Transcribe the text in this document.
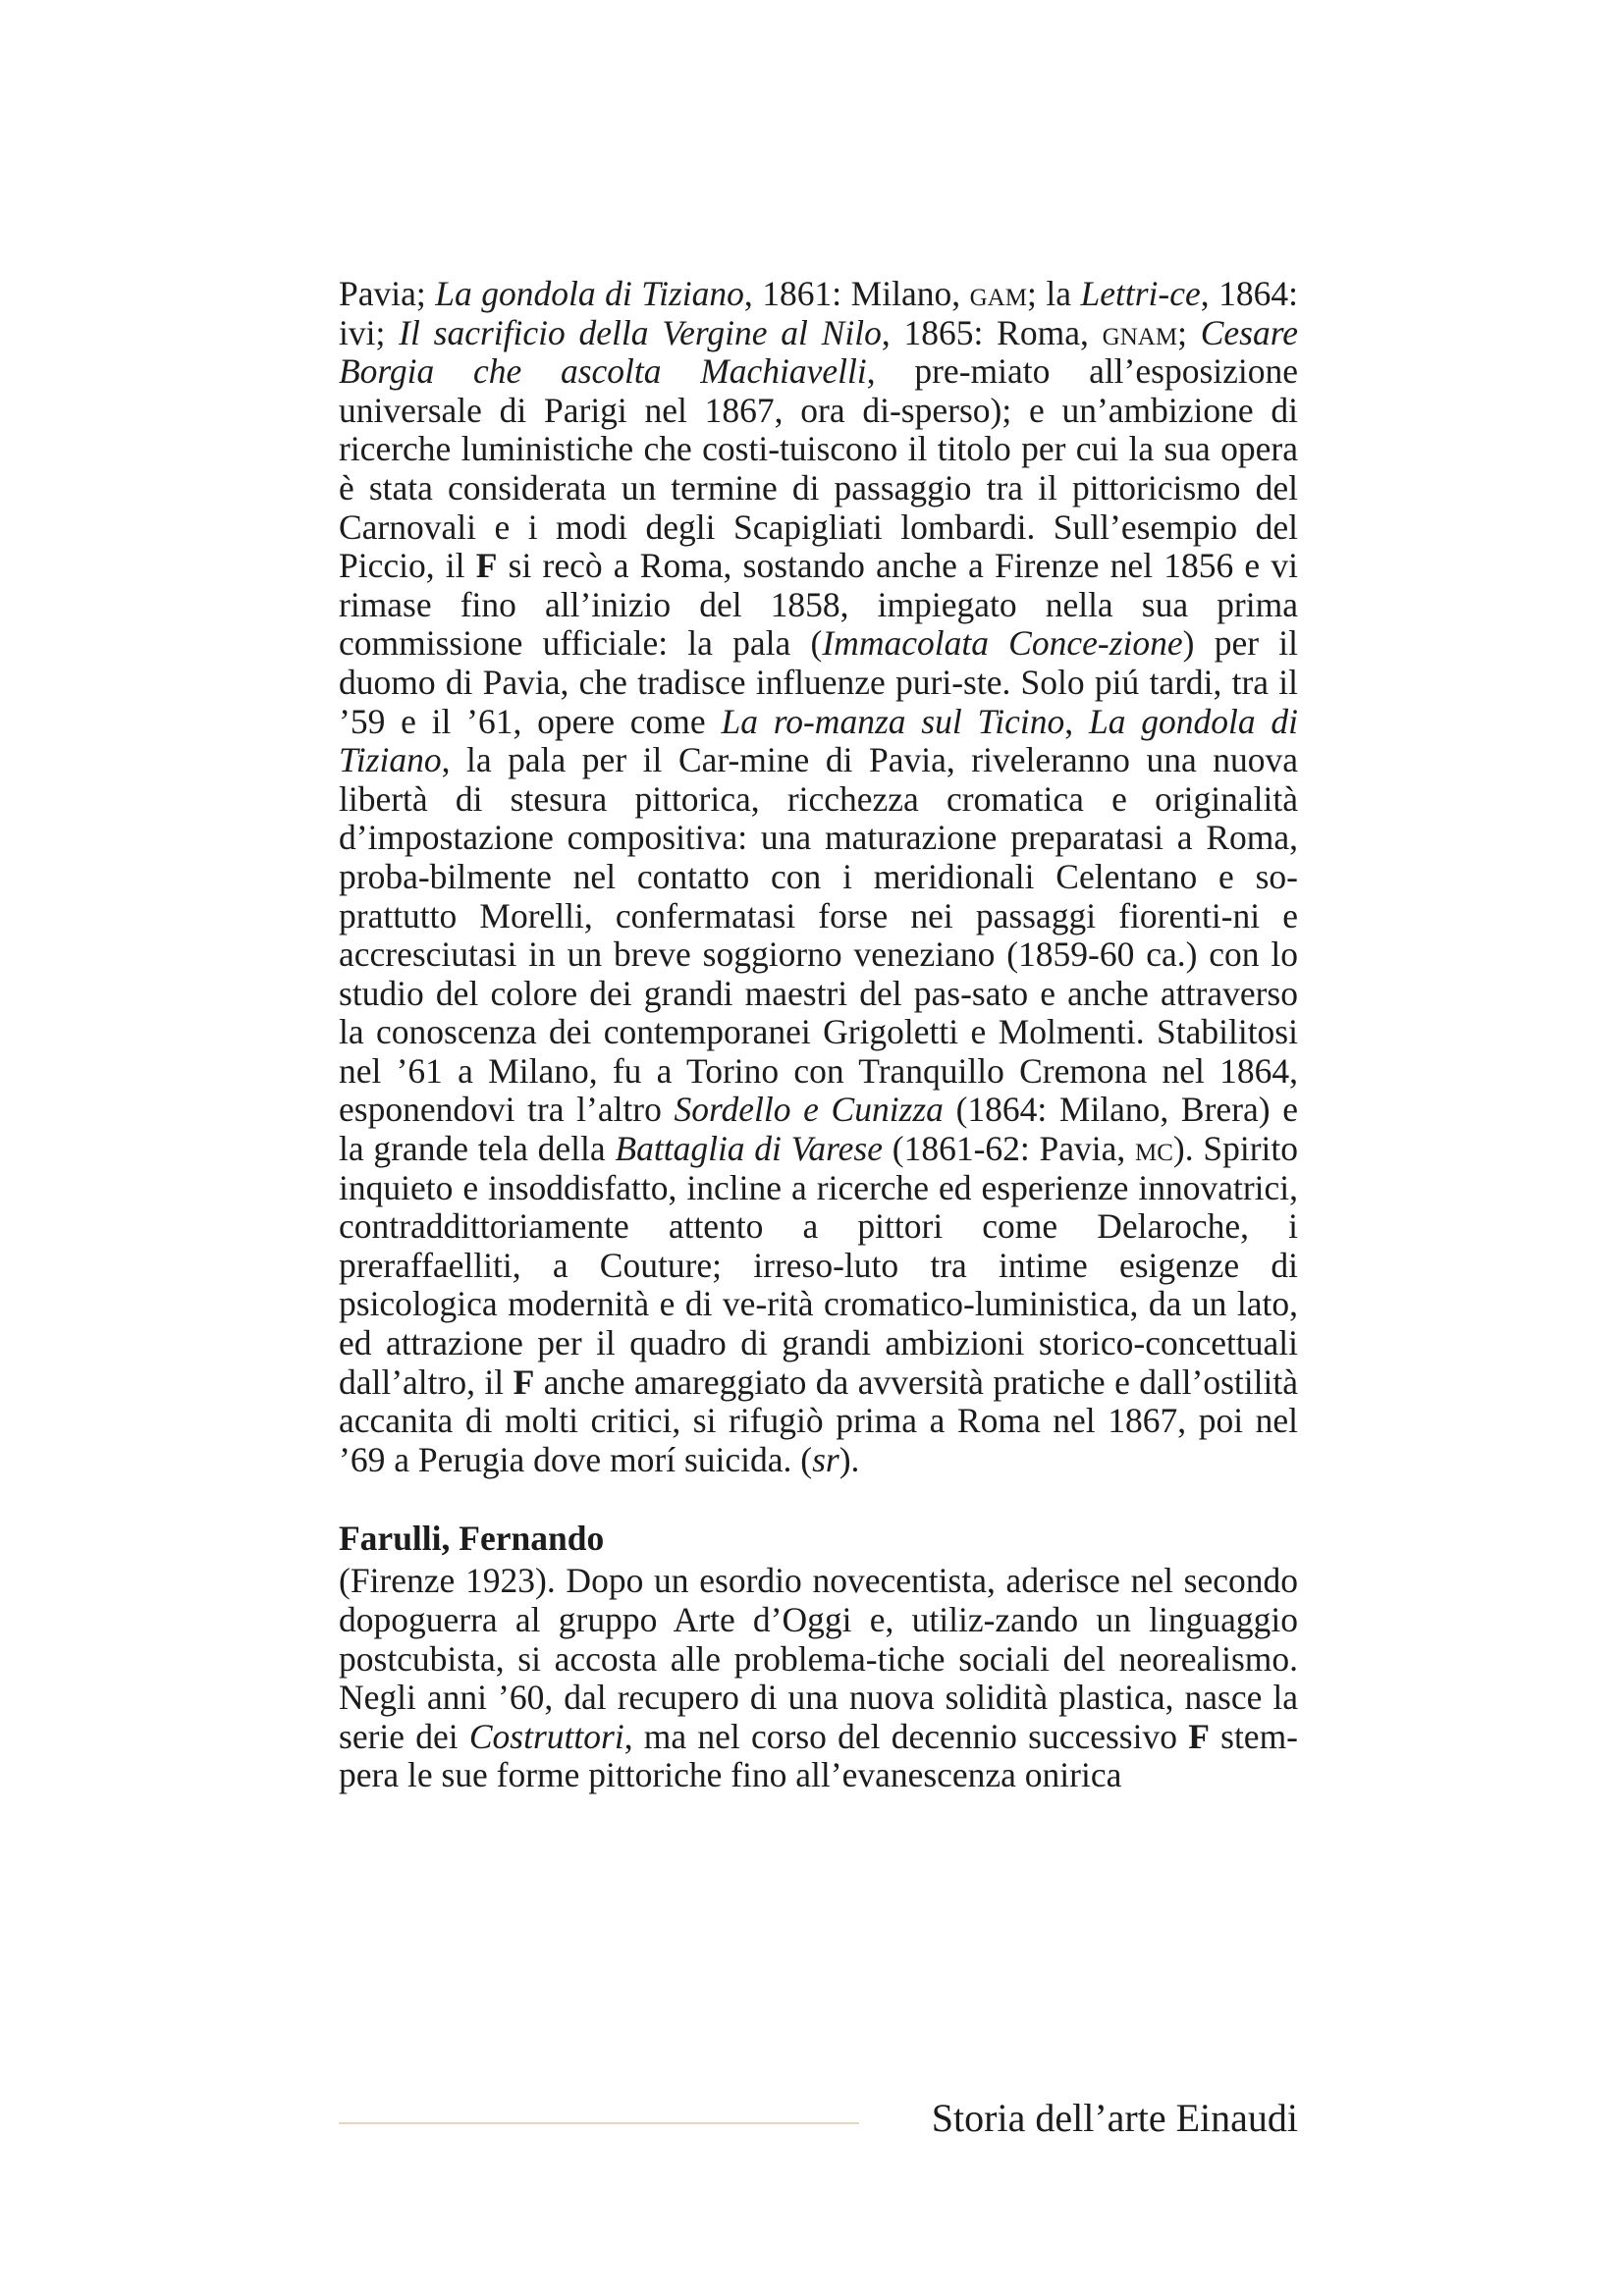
Pavia; La gondola di Tiziano, 1861: Milano, gam; la Lettri-ce, 1864: ivi; Il sacrificio della Vergine al Nilo, 1865: Roma, gnam; Cesare Borgia che ascolta Machiavelli, pre-miato all’esposizione universale di Parigi nel 1867, ora di-sperso); e un’ambizione di ricerche luministiche che costi-tuiscono il titolo per cui la sua opera è stata considerata un termine di passaggio tra il pittoricismo del Carnovali e i modi degli Scapigliati lombardi. Sull’esempio del Piccio, il F si recò a Roma, sostando anche a Firenze nel 1856 e vi rimase fino all’inizio del 1858, impiegato nella sua prima commissione ufficiale: la pala (Immacolata Conce-zione) per il duomo di Pavia, che tradisce influenze puri-ste. Solo piú tardi, tra il ’59 e il ’61, opere come La ro-manza sul Ticino, La gondola di Tiziano, la pala per il Car-mine di Pavia, riveleranno una nuova libertà di stesura pittorica, ricchezza cromatica e originalità d’impostazione compositiva: una maturazione preparatasi a Roma, proba-bilmente nel contatto con i meridionali Celentano e so-prattutto Morelli, confermatasi forse nei passaggi fiorenti-ni e accresciutasi in un breve soggiorno veneziano (1859-60 ca.) con lo studio del colore dei grandi maestri del pas-sato e anche attraverso la conoscenza dei contemporanei Grigoletti e Molmenti. Stabilitosi nel ’61 a Milano, fu a Torino con Tranquillo Cremona nel 1864, esponendovi tra l’altro Sordello e Cunizza (1864: Milano, Brera) e la grande tela della Battaglia di Varese (1861-62: Pavia, mc). Spirito inquieto e insoddisfatto, incline a ricerche ed esperienze innovatrici, contraddittoriamente attento a pittori come Delaroche, i preraffaelliti, a Couture; irreso-luto tra intime esigenze di psicologica modernità e di ve-rità cromatico-luministica, da un lato, ed attrazione per il quadro di grandi ambizioni storico-concettuali dall’altro, il F anche amareggiato da avversità pratiche e dall’ostilità accanita di molti critici, si rifugiò prima a Roma nel 1867, poi nel ’69 a Perugia dove morí suicida. (sr).

Farulli, Fernando

(Firenze 1923). Dopo un esordio novecentista, aderisce nel secondo dopoguerra al gruppo Arte d’Oggi e, utiliz-zando un linguaggio postcubista, si accosta alle problema-tiche sociali del neorealismo. Negli anni ’60, dal recupero di una nuova solidità plastica, nasce la serie dei Costruttori, ma nel corso del decennio successivo F stem-pera le sue forme pittoriche fino all’evanescenza onirica

Storia dell’arte Einaudi
